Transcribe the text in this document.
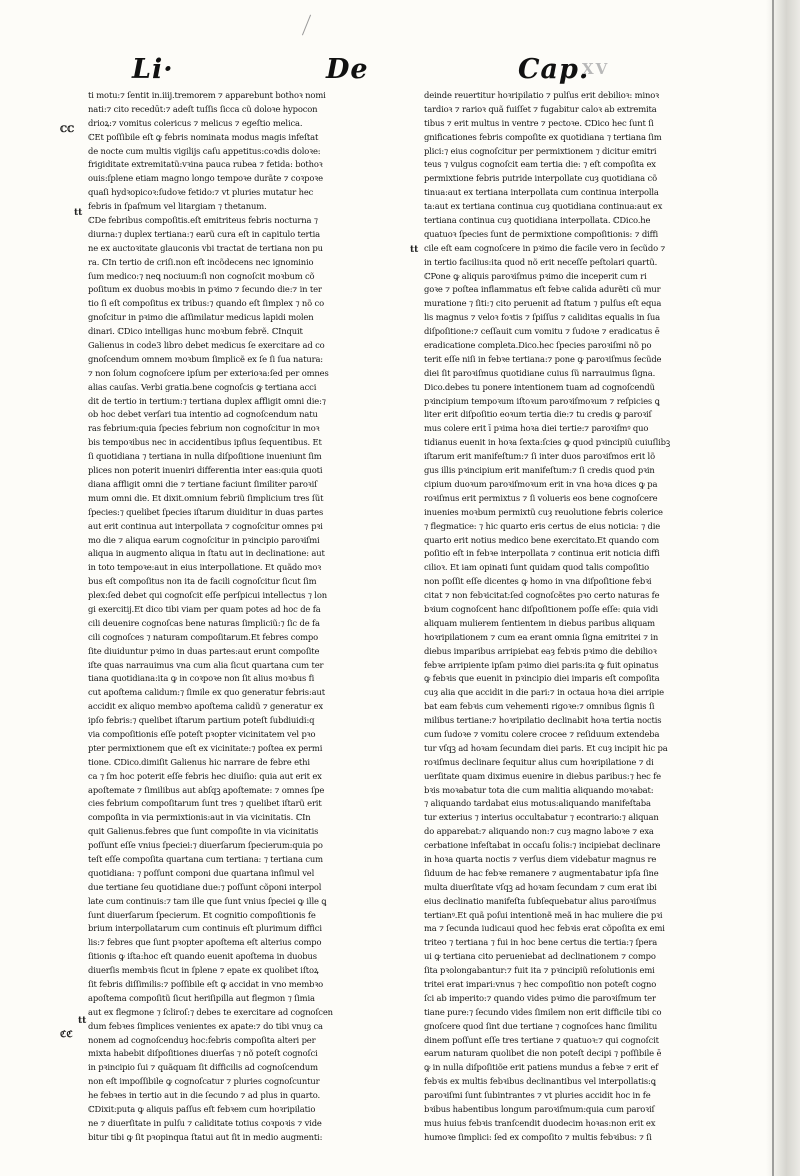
Li·	De	Cap.
XV
ℂℂ
tt
tt
tt
ℭℭ
ti motu:⁊ ſentit in.iiij.tremorem ⁊ apparebunt bothoꝛ nomi
nati:⁊ cito recedūt:⁊ adeſt tuſſis ſicca cũ doloꝛe hypocon
drioꝝ:⁊ vomitus colericus ⁊ melicus ⁊ egeſtio melica.
ℂEt poſſibile eſt ꝙ febris nominata modus magis infeſtat
de nocte cum multis vigilijs caſu appetitus:coꝛdis doloꝛe:
frigiditate extremitatũ:vꝛina pauca rubea ⁊ fetida: bothoꝛ
ouis:ſplene etiam magno longo tempoꝛe durãte ⁊ coꝛpoꝛe
quaſi hydꝛopicoꝛ:ſudoꝛe fetido:⁊ vt pluries mutatur hec
febris in ſpaſmum vel litargiam ⁊ thetanum.
ℂDe febribus compoſitis.eſt emitriteus febris nocturna ⁊
diurna:⁊ duplex tertiana:⁊ earũ cura eſt in capitulo tertia
ne ex auctoꝛitate glauconis vbi tractat de tertiana non pu
ra. ℂIn tertio de criſi.non eſt incõdecens nec ignominio
ſum medico:⁊ neꝗ nociuum:ſi non cognoſcit moꝛbum cõ
poſitum ex duobus moꝛbis in pꝛimo ⁊ ſecundo die:⁊ in ter
tio ſi eſt compoſitus ex tribus:⁊ quando eſt ſimplex ⁊ nõ co
gnoſcitur in pꝛimo die aſſimilatur medicus lapidi molen
dinari. ℂDico intelligas hunc moꝛbum febrẽ. ℂInquit
Galienus in code3 libro debet medicus ſe exercitare ad co
gnoſcendum omnem moꝛbum ſimplicẽ ex ſe ſi ſua natura:
⁊ non ſolum cognoſcere ipſum per exterioꝛa:ſed per omnes
alias cauſas. Verbi gratia.bene cognoſcis ꝙ tertiana acci
dit de tertio in tertium:⁊ tertiana duplex affligit omni die:⁊
ob hoc debet verſari tua intentio ad cognoſcendum natu
ras febrium:quia ſpecies febrium non cognoſcitur in moꝛ
bis tempoꝛibus nec in accidentibus ipſius ſequentibus. Et
ſi quotidiana ⁊ tertiana in nulla diſpoſitione inueniunt ſim
plices non poterit inueniri differentia inter eas:quia quoti
diana affligit omni die ⁊ tertiane faciunt ſimiliter paroꝛiſ
mum omni die. Et dixit.omnium febriũ ſimplicium tres ſũt
ſpecies:⁊ quelibet ſpecies iſtarum diuiditur in duas partes
aut erit continua aut interpollata ⁊ cognoſcitur omnes pꝛi
mo die ⁊ aliqua earum cognoſcitur in pꝛincipio paroꝛiſmi
aliqua in augmento aliqua in ſtatu aut in declinatione: aut
in toto tempoꝛe:aut in eius interpollatione. Et quãdo moꝛ
bus eſt compoſitus non ita de facili cognoſcitur ſicut ſim
plex:ſed debet qui cognoſcit eſſe perſpicui intellectus ⁊ lon
gi exercitij.Et dico tibi viam per quam potes ad hoc de fa
cili deuenire cognoſcas bene naturas ſimpliciũ:⁊ ſic de fa
cili cognoſces ⁊ naturam compoſitarum.Et febres compo
ſite diuiduntur pꝛimo in duas partes:aut erunt compoſite
iſte quas narrauimus vna cum alia ſicut quartana cum ter
tiana quotidiana:ita ꝙ in coꝛpoꝛe non ſit alius moꝛbus fi
cut apoſtema calidum:⁊ ſimile ex quo generatur febris:aut
accidit ex aliquo membꝛo apoſtema calidũ ⁊ generatur ex
ipſo febris:⁊ quelibet iſtarum partium poteſt ſubdiuidi:q
via compoſitionis eſſe poteſt pꝛopter vicinitatem vel pꝛo
pter permixtionem que eſt ex vicinitate:⁊ poſtea ex permi
tione. ℂDico.dimiſit Galienus hic narrare de febre ethi
ca ⁊ ſm hoc poterit eſſe febris hec diuiſio: quia aut erit ex
apoſtemate ⁊ ſimilibus aut abſqꝫ apoſtemate: ⁊ omnes ſpe
cies febrium compoſitarum ſunt tres ⁊ quelibet iſtarũ erit
compoſita in via permixtionis:aut in via vicinitatis. ℂIn
quit Galienus.febres que ſunt compoſite in via vicinitatis
poſſunt eſſe vnius ſpeciei:⁊ diuerſarum ſpecierum:quia po
teſt eſſe compoſita quartana cum tertiana: ⁊ tertiana cum
quotidiana: ⁊ poſſunt componi due quartana inſimul vel
due tertiane ſeu quotidiane due:⁊ poſſunt cõponi interpol
late cum continuis:⁊ tam ille que ſunt vnius ſpeciei ꝙ ille ꝗ
ſunt diuerſarum ſpecierum. Et cognitio compoſitionis fe
brium interpollatarum cum continuis eſt plurimum diffici
lis:⁊ febres que ſunt pꝛopter apoſtema eſt alterius compo
ſitionis ꝙ iſta:hoc eſt quando euenit apoſtema in duobus
diuerſis membꝛis ſicut in ſplene ⁊ epate ex quolibet iſtoꝝ
ſit febris diſſimilis:⁊ poſſibile eſt ꝙ accidat in vno membꝛo
apoſtema compoſitũ ſicut heriſipilla aut flegmon ⁊ ſimia
aut ex flegmone ⁊ ſcliroſ:⁊ debes te exercitare ad cognoſcen
dum febꝛes ſimplices venientes ex apate:⁊ do tibi vnuȝ ca
nonem ad cognoſcenduȝ hoc:febris compoſita alteri per
mixta habebit diſpoſitiones diuerſas ⁊ nõ poteſt cognoſci
in pꝛincipio ſui ⁊ quãquam ſit difficilis ad cognoſcendum
non eſt impoſſibile ꝙ cognoſcatur ⁊ pluries cognoſcuntur
he febꝛes in tertio aut in die ſecundo ⁊ ad plus in quarto.
ℂDixit:puta ꝙ aliquis paſſus eſt febꝛem cum hoꝛripilatio
ne ⁊ diuerſitate in pulſu ⁊ caliditate totius coꝛpoꝛis ⁊ vide
bitur tibi ꝙ ſit pꝛopinqua ſtatui aut ſit in medio augmenti:
deinde reuertitur hoꝛripilatio ⁊ pulſus erit debilioꝛ: minoꝛ
tardioꝛ ⁊ rarioꝛ quã fuiſſet ⁊ fugabitur caloꝛ ab extremita
tibus ⁊ erit multus in ventre ⁊ pectoꝛe. ℂDico hec ſunt ſi
gnificationes febris compoſite ex quotidiana ⁊ tertiana ſim
plici:⁊ eius cognoſcitur per permixtionem ⁊ dicitur emitri
teus ⁊ vulgus cognoſcit eam tertia die: ⁊ eſt compoſita ex
permixtione febris putride interpollate cuȝ quotidiana cõ
tinua:aut ex tertiana interpollata cum continua interpolla
ta:aut ex tertiana continua cuȝ quotidiana continua:aut ex
tertiana continua cuȝ quotidiana interpollata. ℂDico.he
quatuoꝛ ſpecies ſunt de permixtione compoſitionis: ⁊ diffi
cile eſt eam cognoſcere in pꝛimo die facile vero in ſecũdo ⁊
in tertio facilius:ita quod nõ erit neceſſe peſtolari quartũ.
ℂPone ꝙ aliquis paroꝛiſmus pꝛimo die inceperit cum ri
goꝛe ⁊ poſtea inflammatus eſt febꝛe calida adurẽti cũ mur
muratione ⁊ ſiti:⁊ cito peruenit ad ſtatum ⁊ pulſus eſt equa
lis magnus ⁊ veloꝛ foꝛtis ⁊ ſpiſſus ⁊ caliditas equalis in ſua
diſpoſitione:⁊ ceſſauit cum vomitu ⁊ ſudoꝛe ⁊ eradicatus ē
eradicatione completa.Dico.hec ſpecies paroꝛiſmi nõ po
terit eſſe niſi in febꝛe tertiana:⁊ pone ꝙ paroꝛiſmus ſecũde
diei ſit paroꝛiſmus quotidiane cuius ſũ narrauimus ſigna.
Dico.debes tu ponere intentionem tuam ad cognoſcendũ
pꝛincipium tempoꝛum iſtoꝛum paroꝛiſmoꝛum ⁊ reſpicies ꝗ
liter erit diſpoſitio eoꝛum tertia die:⁊ tu credis ꝙ paroꝛiſ
mus colere erit ī pꝛima hoꝛa diei tertie:⁊ paroꝛiſmꝰ quo
tidianus euenit in hoꝛa ſexta:ſcies ꝙ quod pꝛincipiũ cuiuſlibꝫ
iſtarum erit manifeſtum:⁊ ſi inter duos paroꝛiſmos erit lõ
gus illis pꝛincipium erit manifeſtum:⁊ ſi credis quod pꝛin
cipium duoꝛum paroꝛiſmoꝛum erit in vna hoꝛa dices ꝙ pa
roꝛiſmus erit permixtus ⁊ ſi volueris eos bene cognoſcere
inuenies moꝛbum permixtũ cuȝ reuolutione febris colerice
⁊ flegmatice: ⁊ hic quarto eris certus de eius noticia: ⁊ die
quarto erit notius medico bene exercitato.Et quando com
poſitio eſt in febꝛe interpollata ⁊ continua erit noticia diffi
cilioꝛ. Et iam opinati ſunt quidam quod talis compoſitio
non poſſit eſſe dicentes ꝙ homo in vna diſpoſitione febꝛi
citat ⁊ non febꝛicitat:ſed cognoſcẽtes pꝛo certo naturas fe
bꝛium cognoſcent hanc diſpoſitionem poſſe eſſe: quia vidi
aliquam mulierem ſentientem in diebus paribus aliquam
hoꝛripilationem ⁊ cum ea erant omnia ſigna emitritei ⁊ in
diebus imparibus arripiebat eaȝ febꝛis pꝛimo die debilioꝛ
febꝛe arripiente ipſam pꝛimo diei paris:ita ꝙ fuit opinatus
ꝙ febꝛis que euenit in pꝛincipio diei imparis eſt compoſita
cuȝ alia que accidit in die pari:⁊ in octaua hoꝛa diei arripie
bat eam febꝛis cum vehementi rigoꝛe:⁊ omnibus ſignis ſi
milibus tertiane:⁊ hoꝛripilatio declinabit hoꝛa tertia noctis
cum ſudoꝛe ⁊ vomitu colere crocee ⁊ reſiduum extendeba
tur vſqꝫ ad hoꝛam ſecundam diei paris. Et cuȝ incipit hic pa
roꝛiſmus declinare ſequitur alius cum hoꝛripilatione ⁊ di
uerſitate quam diximus euenire in diebus paribus:⁊ hec fe
bꝛis moꝛabatur tota die cum malitia aliquando moꝛabat:
⁊ aliquando tardabat eius motus:aliquando manifeſtaba
tur exterius ⁊ interius occultabatur ⁊ econtrario:⁊ aliquan
do apparebat:⁊ aliquando non:⁊ cuȝ magno laboꝛe ⁊ exa
cerbatione infeſtabat in occaſu ſolis:⁊ incipiebat declinare
in hoꝛa quarta noctis ⁊ verſus diem videbatur magnus re
ſiduum de hac febꝛe remanere ⁊ augmentabatur ipſa ſine
multa diuerſitate vſqꝫ ad hoꝛam ſecundam ⁊ cum erat ibi
eius declinatio manifeſta ſubſequebatur alius paroꝛiſmus
tertianꝰ.Et quã poſui intentionẽ meã in hac muliere die pꝛi
ma ⁊ ſecunda iudicaui quod hec febꝛis erat cõpoſita ex emi
triteo ⁊ tertiana ⁊ fui in hoc bene certus die tertia:⁊ ſpera
ui ꝙ tertiana cito perueniebat ad declinationem ⁊ compo
ſita pꝛolongabantur:⁊ fuit ita ⁊ pꝛincipiũ reſolutionis emi
tritei erat impari:vnus ⁊ hec compoſitio non poteſt cogno
ſci ab imperito:⁊ quando vides pꝛimo die paroꝛiſmum ter
tiane pure:⁊ ſecundo vides ſimilem non erit difficile tibi co
gnoſcere quod ſint due tertiane ⁊ cognoſces hanc ſimilitu
dinem poſſunt eſſe tres tertiane ⁊ quatuoꝛ:⁊ qui cognoſcit
earum naturam quolibet die non poteſt decipi ⁊ poſſibile ē
ꝙ in nulla diſpoſitiõe erit patiens mundus a febꝛe ⁊ erit ef
febꝛis ex multis febꝛibus declinantibus vel interpollatis:ꝗ
paroꝛiſmi ſunt ſubintrantes ⁊ vt pluries accidit hoc in fe
bꝛibus habentibus longum paroꝛiſmum:quia cum paroꝛiſ
mus huius febꝛis tranſcendit duodecim hoꝛas:non erit ex
humoꝛe ſimplici: ſed ex compoſito ⁊ multis febꝛibus: ⁊ ſi
